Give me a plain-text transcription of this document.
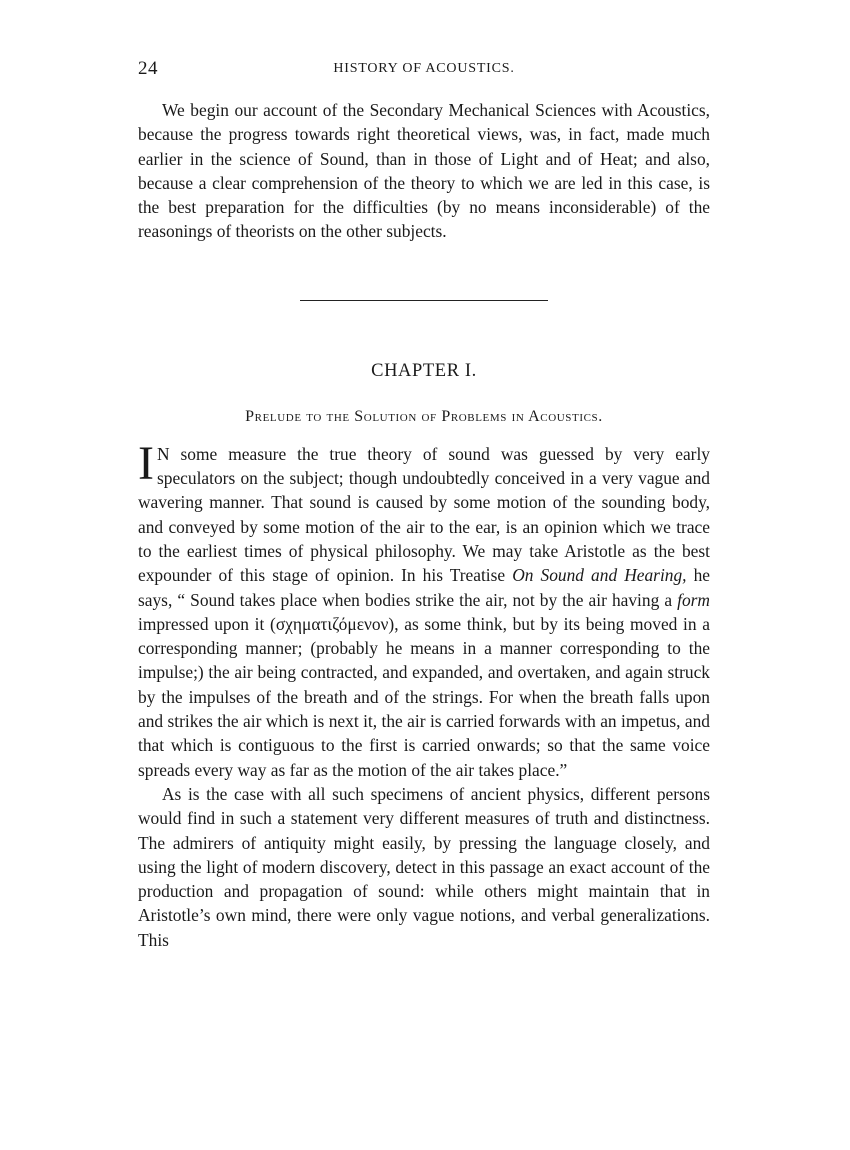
24	HISTORY OF ACOUSTICS.

We begin our account of the Secondary Mechanical Sciences with Acoustics, because the progress towards right theoretical views, was, in fact, made much earlier in the science of Sound, than in those of Light and of Heat; and also, because a clear comprehension of the theory to which we are led in this case, is the best preparation for the difficulties (by no means inconsiderable) of the reasonings of theorists on the other subjects.

CHAPTER I.
Prelude to the Solution of Problems in Acoustics.
I N some measure the true theory of sound was guessed by very early speculators on the subject; though undoubtedly conceived in a very vague and wavering manner. That sound is caused by some motion of the sounding body, and conveyed by some motion of the air to the ear, is an opinion which we trace to the earliest times of physical philosophy. We may take Aristotle as the best expounder of this stage of opinion. In his Treatise On Sound and Hearing, he says, “ Sound takes place when bodies strike the air, not by the air having a form impressed upon it (σχηματιζόμενον), as some think, but by its being moved in a corresponding manner; (probably he means in a manner corresponding to the impulse;) the air being contracted, and expanded, and overtaken, and again struck by the impulses of the breath and of the strings. For when the breath falls upon and strikes the air which is next it, the air is carried forwards with an impetus, and that which is contiguous to the first is carried onwards; so that the same voice spreads every way as far as the motion of the air takes place.”

As is the case with all such specimens of ancient physics, different persons would find in such a statement very different measures of truth and distinctness. The admirers of antiquity might easily, by pressing the language closely, and using the light of modern discovery, detect in this passage an exact account of the production and propagation of sound: while others might maintain that in Aristotle’s own mind, there were only vague notions, and verbal generalizations. This
